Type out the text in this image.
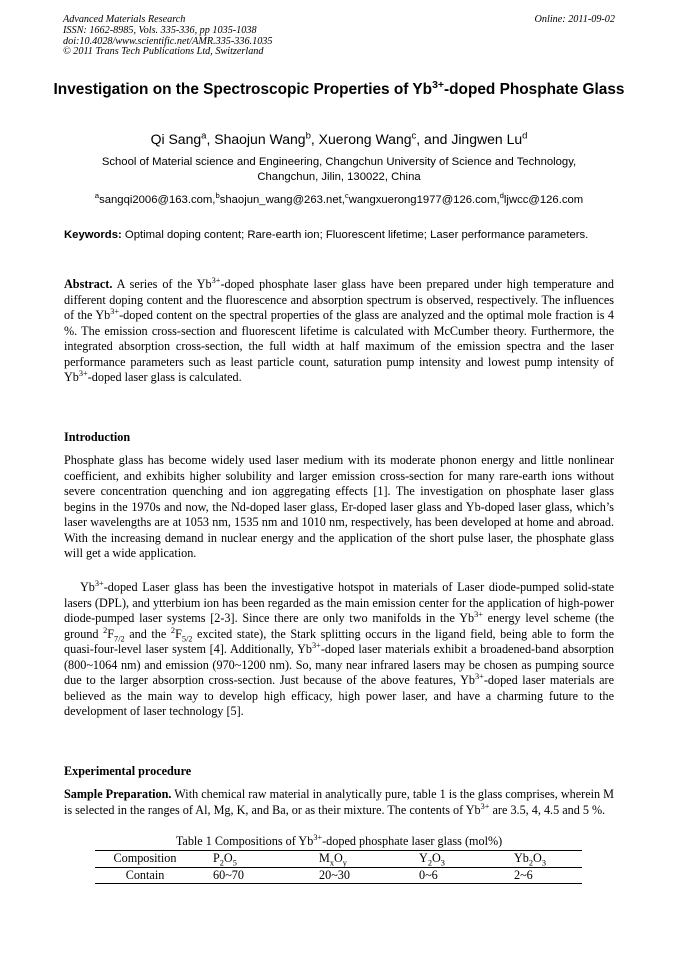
Advanced Materials Research
ISSN: 1662-8985, Vols. 335-336, pp 1035-1038
doi:10.4028/www.scientific.net/AMR.335-336.1035
© 2011 Trans Tech Publications Ltd, Switzerland
Online: 2011-09-02
Investigation on the Spectroscopic Properties of $Yb^{3+}$-doped Phosphate Glass
Qi Sang$^a$, Shaojun Wang$^b$, Xuerong Wang$^c$, and Jingwen Lu$^d$
School of Material science and Engineering, Changchun University of Science and Technology,
Changchun, Jilin, 130022, China
$^a$sangqi2006@163.com,$^b$shaojun_wang@263.net,$^c$wangxuerong1977@126.com,$^d$ljwcc@126.com
Keywords: Optimal doping content; Rare-earth ion; Fluorescent lifetime; Laser performance parameters.
Abstract. A series of the $Yb^{3+}$-doped phosphate laser glass have been prepared under high temperature and different doping content and the fluorescence and absorption spectrum is observed, respectively. The influences of the $Yb^{3+}$-doped content on the spectral properties of the glass are analyzed and the optimal mole fraction is 4 %. The emission cross-section and fluorescent lifetime is calculated with McCumber theory. Furthermore, the integrated absorption cross-section, the full width at half maximum of the emission spectra and the laser performance parameters such as least particle count, saturation pump intensity and lowest pump intensity of $Yb^{3+}$-doped laser glass is calculated.
Introduction
Phosphate glass has become widely used laser medium with its moderate phonon energy and little nonlinear coefficient, and exhibits higher solubility and larger emission cross-section for many rare-earth ions without severe concentration quenching and ion aggregating effects [1]. The investigation on phosphate laser glass begins in the 1970s and now, the Nd-doped laser glass, Er-doped laser glass and Yb-doped laser glass, which’s laser wavelengths are at 1053 nm, 1535 nm and 1010 nm, respectively, has been developed at home and abroad. With the increasing demand in nuclear energy and the application of the short pulse laser, the phosphate glass will get a wide application.
$Yb^{3+}$-doped Laser glass has been the investigative hotspot in materials of Laser diode-pumped solid-state lasers (DPL), and ytterbium ion has been regarded as the main emission center for the application of high-power diode-pumped laser systems [2-3]. Since there are only two manifolds in the $Yb^{3+}$ energy level scheme (the ground $^2F_{7/2}$ and the $^2F_{5/2}$ excited state), the Stark splitting occurs in the ligand field, being able to form the quasi-four-level laser system [4]. Additionally, $Yb^{3+}$-doped laser materials exhibit a broadened-band absorption (800~1064 nm) and emission (970~1200 nm). So, many near infrared lasers may be chosen as pumping source due to the larger absorption cross-section. Just because of the above features, $Yb^{3+}$-doped laser materials are believed as the main way to develop high efficacy, high power laser, and have a charming future to the development of laser technology [5].
Experimental procedure
Sample Preparation. With chemical raw material in analytically pure, table 1 is the glass comprises, wherein M is selected in the ranges of Al, Mg, K, and Ba, or as their mixture. The contents of $Yb^{3+}$ are 3.5, 4, 4.5 and 5 %.
Table 1 Compositions of $Yb^{3+}$-doped phosphate laser glass (mol%)
Composition	$P_2O_5$	$M_xO_y$	$Y_2O_3$	$Yb_2O_3$
Contain	60~70	20~30	0~6	2~6
